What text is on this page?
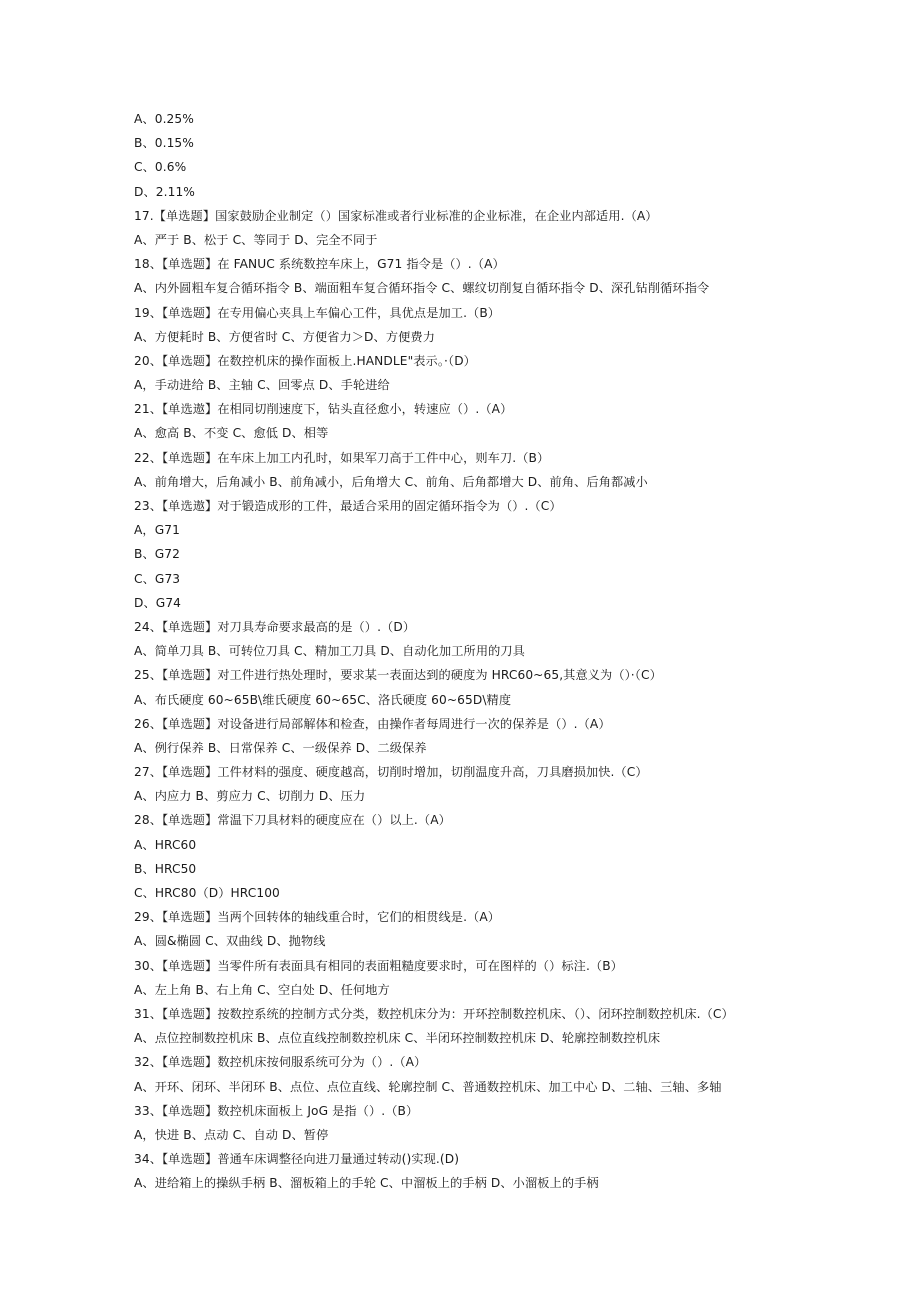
A、0.25%
B、0.15%
C、0.6%
D、2.11%
17.【单选题】国家鼓励企业制定（）国家标准或者行业标准的企业标准，在企业内部适用.（A）
A、严于 B、松于 C、等同于 D、完全不同于
18、【单选题】在 FANUC 系统数控车床上，G71 指令是（）.（A）
A、内外圆粗车复合循环指令 B、端面粗车复合循环指令 C、螺纹切削复自循环指令 D、深孔钻削循环指令
19、【单选题】在专用偏心夹具上车偏心工件，具优点是加工.（B）
A、方便耗时 B、方便省时 C、方便省力＞D、方便费力
20、【单选题】在数控机床的操作面板上.HANDLE"表示。·（D）
A，手动进给 B、主轴 C、回零点 D、手轮进给
21、【单选遨】在相同切削速度下，钻头直径愈小，转速应（）.（A）
A、愈高 B、不变 C、愈低 D、相等
22、【单选题】在车床上加工内孔时，如果军刀高于工件中心，则车刀.（B）
A、前角增大，后角减小 B、前角减小，后角增大 C、前角、后角都增大 D、前角、后角都减小
23、【单选遨】对于锻造成形的工件，最适合采用的固定循环指令为（）.（C）
A，G71
B、G72
C、G73
D、G74
24、【单选题】对刀具寿命要求最高的是（）.（D）
A、简单刀具 B、可转位刀具 C、精加工刀具 D、自动化加工所用的刀具
25、【单选题】对工件进行热处理时，要求某一表面达到的硬度为 HRC60~65,其意义为（）·（C）
A、布氏硬度 60~65B\维氏硬度 60~65C、洛氏硬度 60~65D\精度
26、【单选题】对设备进行局部解体和检查，由操作者每周进行一次的保养是（）.（A）
A、例行保养 B、日常保养 C、一级保养 D、二级保养
27、【单选题】工件材料的强度、硬度越高，切削时增加，切削温度升高，刀具磨损加快.（C）
A、内应力 B、剪应力 C、切削力 D、压力
28、【单选题】常温下刀具材料的硬度应在（）以上.（A）
A、HRC60
B、HRC50
C、HRC80（D）HRC100
29、【单选题】当两个回转体的轴线重合时，它们的相贯线是.（A）
A、圆&椭圆 C、双曲线 D、抛物线
30、【单选题】当零件所有表面具有相同的表面粗糙度要求时，可在图样的（）标注.（B）
A、左上角 B、右上角 C、空白处 D、任何地方
31、【单选题】按数控系统的控制方式分类，数控机床分为：开环控制数控机床、（）、闭环控制数控机床.（C）
A、点位控制数控机床 B、点位直线控制数控机床 C、半闭环控制数控机床 D、轮廓控制数控机床
32、【单选题】数控机床按伺服系统可分为（）.（A）
A、开环、闭环、半闭环 B、点位、点位直线、轮廓控制 C、普通数控机床、加工中心 D、二轴、三轴、多轴
33、【单选题】数控机床面板上 JoG 是指（）.（B）
A，快进 B、点动 C、自动 D、暂停
34、【单选题】普通车床调整径向进刀量通过转动()实现.(D)
A、进给箱上的操纵手柄 B、溜板箱上的手轮 C、中溜板上的手柄 D、小溜板上的手柄
